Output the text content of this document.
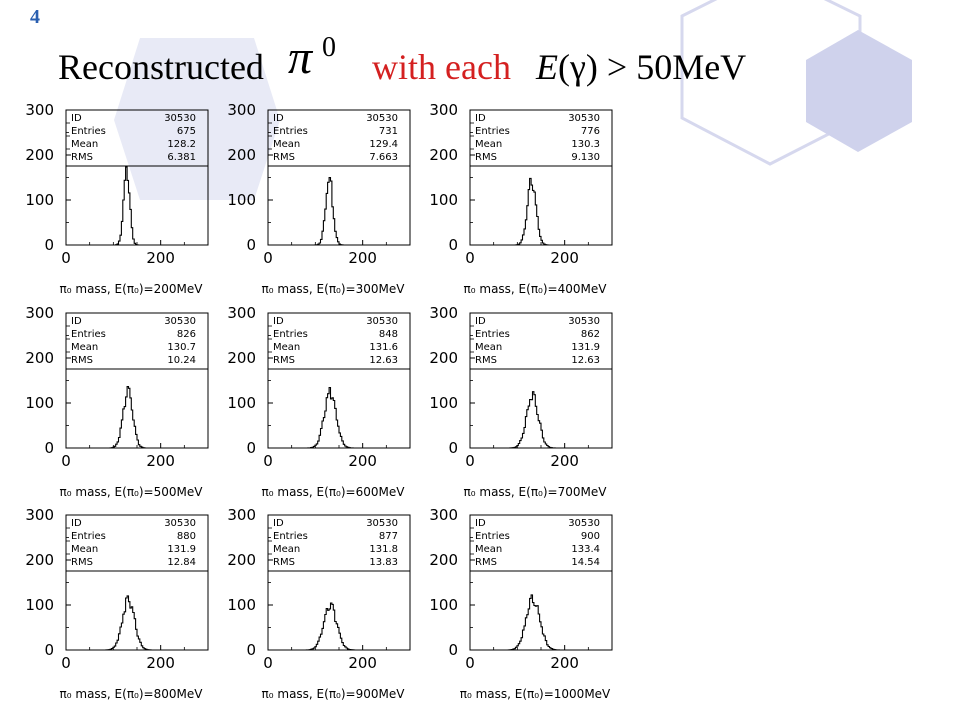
4
Reconstructed π 0 with each E(γ) > 50MeV
ID	30530
Entries	675
Mean	128.2
RMS	6.381
0
100
200
300
0	200
π₀ mass, E(π₀)=200MeV
ID	30530
Entries	731
Mean	129.4
RMS	7.663
0
100
200
300
0	200
π₀ mass, E(π₀)=300MeV
ID	30530
Entries	776
Mean	130.3
RMS	9.130
0
100
200
300
0	200
π₀ mass, E(π₀)=400MeV
ID	30530
Entries	826
Mean	130.7
RMS	10.24
0
100
200
300
0	200
π₀ mass, E(π₀)=500MeV
ID	30530
Entries	848
Mean	131.6
RMS	12.63
0
100
200
300
0	200
π₀ mass, E(π₀)=600MeV
ID	30530
Entries	862
Mean	131.9
RMS	12.63
0
100
200
300
0	200
π₀ mass, E(π₀)=700MeV
ID	30530
Entries	880
Mean	131.9
RMS	12.84
0
100
200
300
0	200
π₀ mass, E(π₀)=800MeV
ID	30530
Entries	877
Mean	131.8
RMS	13.83
0
100
200
300
0	200
π₀ mass, E(π₀)=900MeV
ID	30530
Entries	900
Mean	133.4
RMS	14.54
0
100
200
300
0	200
π₀ mass, E(π₀)=1000MeV
